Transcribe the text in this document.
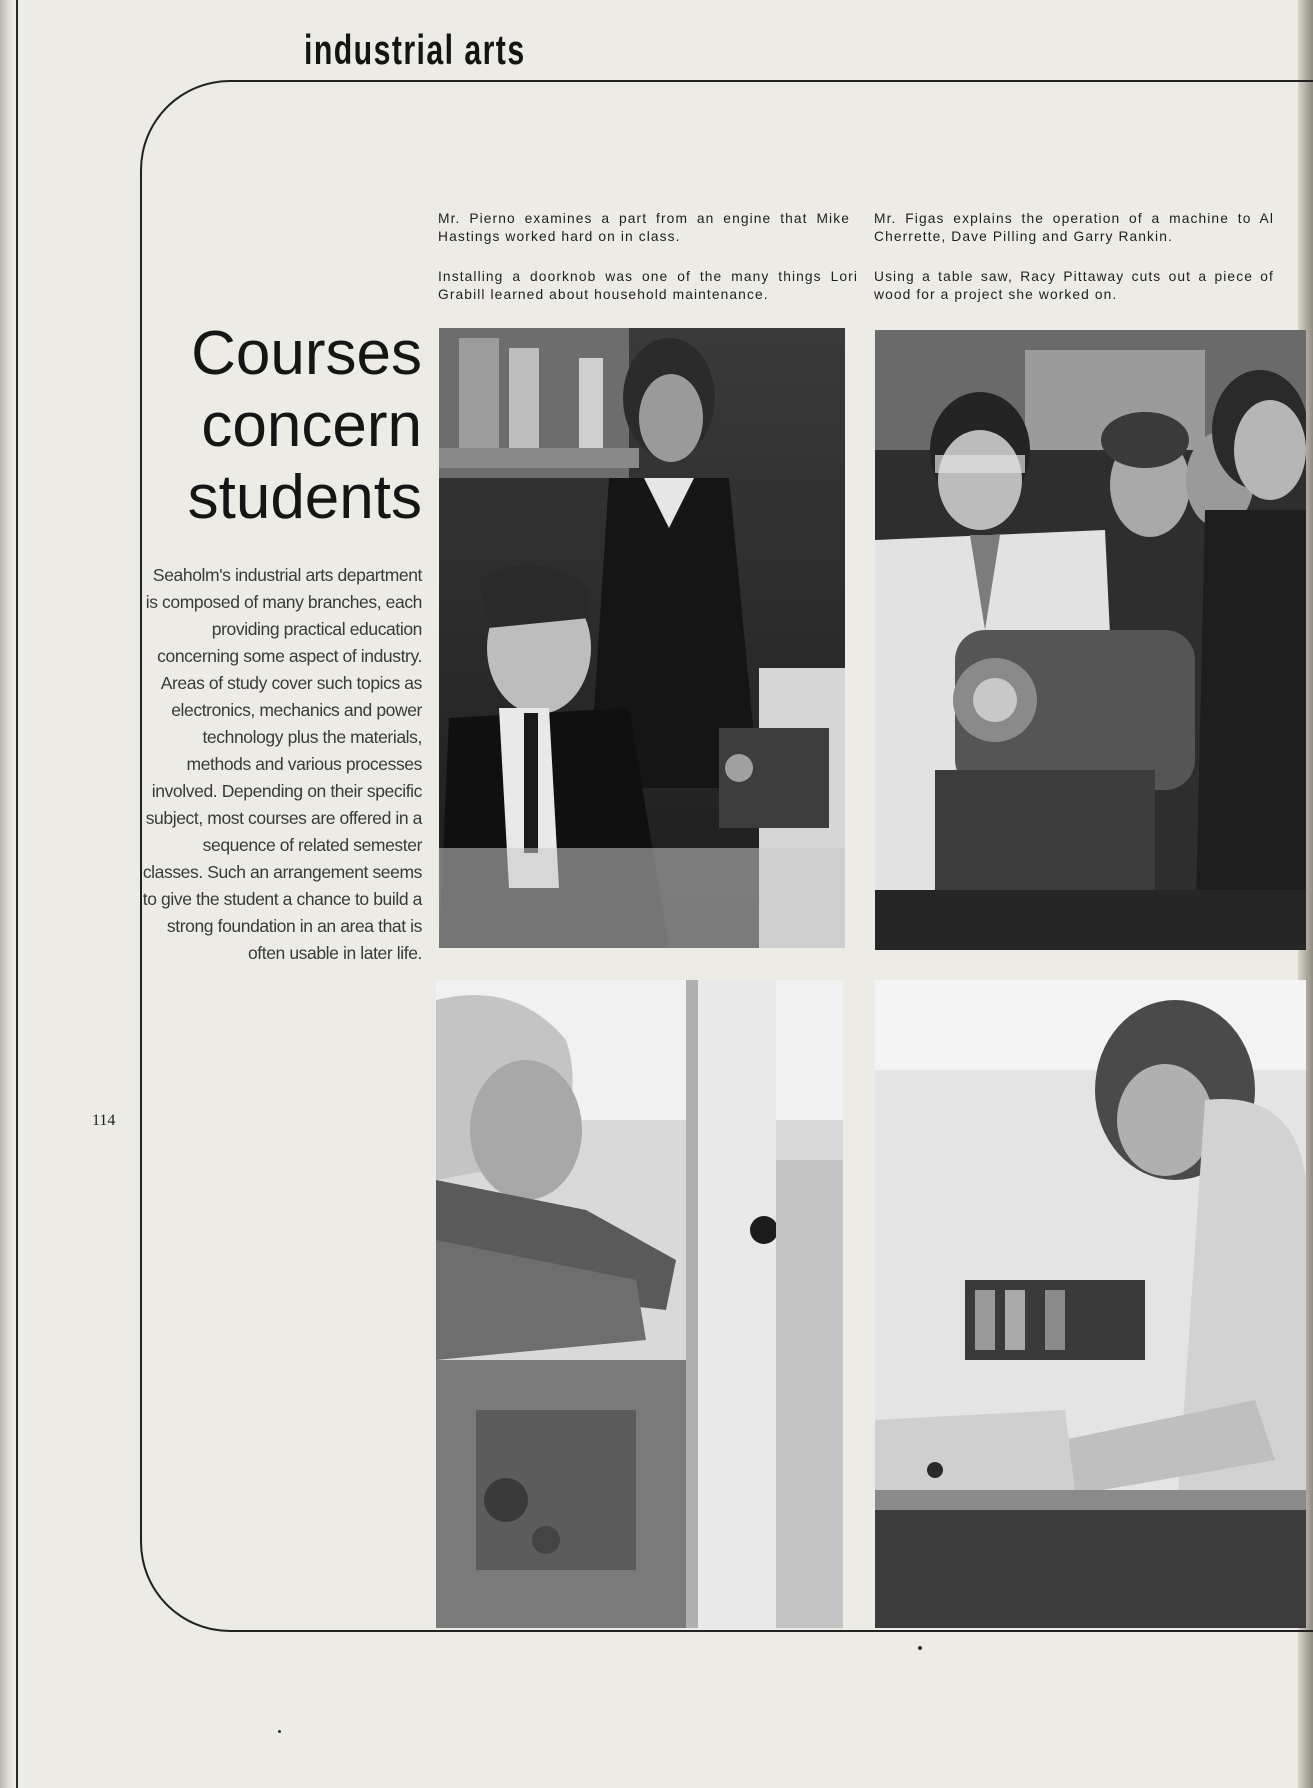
industrial arts
Courses
concern
students

Seaholm's industrial arts department is composed of many branches, each providing practical education concerning some aspect of industry. Areas of study cover such topics as electronics, mechanics and power technology plus the materials, methods and various processes involved. Depending on their specific subject, most courses are offered in a sequence of related semester classes. Such an arrangement seems to give the student a chance to build a strong foundation in an area that is often usable in later life.

114

Mr. Pierno examines a part from an engine that Mike Hastings worked hard on in class.

Mr. Figas explains the operation of a machine to Al Cherrette, Dave Pilling and Garry Rankin.

Installing a doorknob was one of the many things Lori Grabill learned about household maintenance.

Using a table saw, Racy Pittaway cuts out a piece of wood for a project she worked on.
